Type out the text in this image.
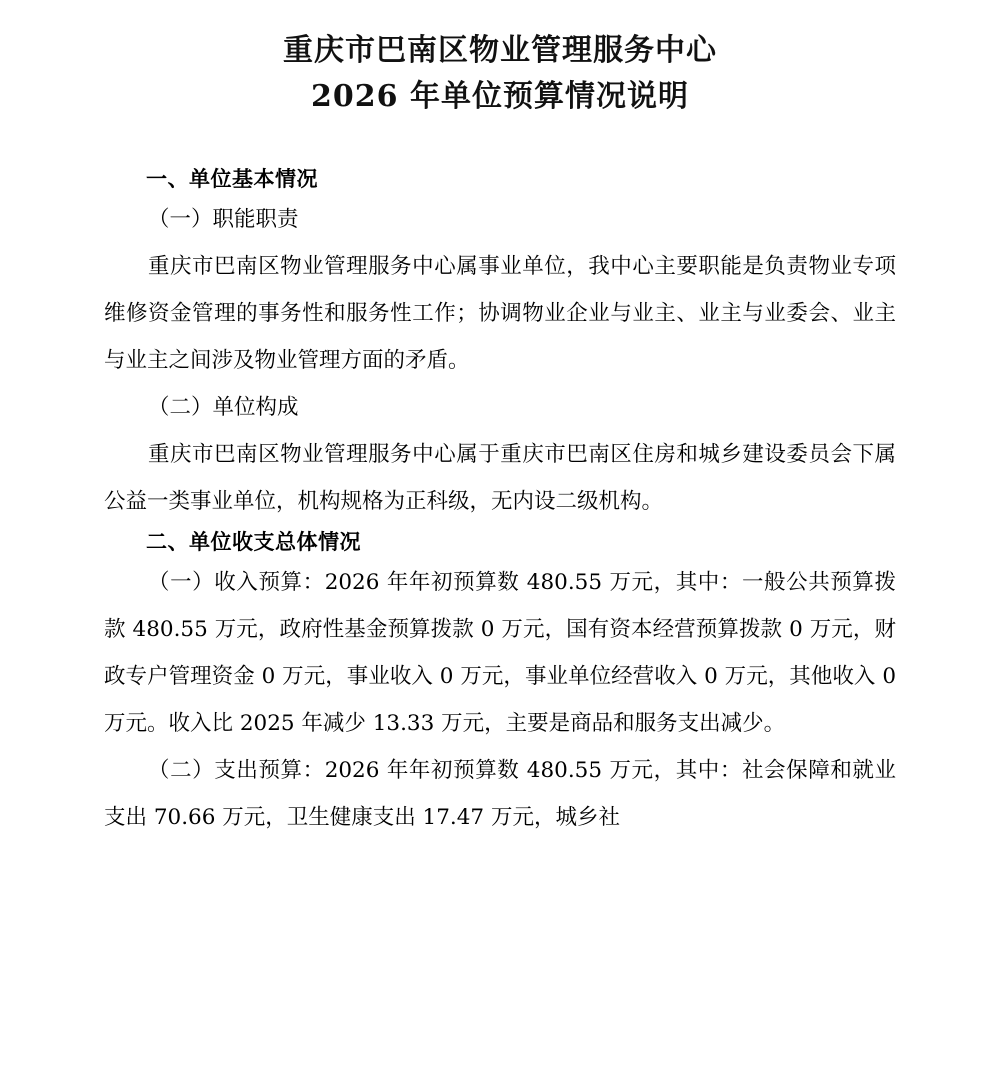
重庆市巴南区物业管理服务中心
2026 年单位预算情况说明

一、单位基本情况

（一）职能职责

重庆市巴南区物业管理服务中心属事业单位，我中心主要职能是负责物业专项维修资金管理的事务性和服务性工作；协调物业企业与业主、业主与业委会、业主与业主之间涉及物业管理方面的矛盾。

（二）单位构成

重庆市巴南区物业管理服务中心属于重庆市巴南区住房和城乡建设委员会下属公益一类事业单位，机构规格为正科级，无内设二级机构。

二、单位收支总体情况

（一）收入预算：2026 年年初预算数 480.55 万元，其中：一般公共预算拨款 480.55 万元，政府性基金预算拨款 0 万元，国有资本经营预算拨款 0 万元，财政专户管理资金 0 万元，事业收入 0 万元，事业单位经营收入 0 万元，其他收入 0 万元。收入比 2025 年减少 13.33 万元，主要是商品和服务支出减少。

（二）支出预算：2026 年年初预算数 480.55 万元，其中：社会保障和就业支出 70.66 万元，卫生健康支出 17.47 万元，城乡社
